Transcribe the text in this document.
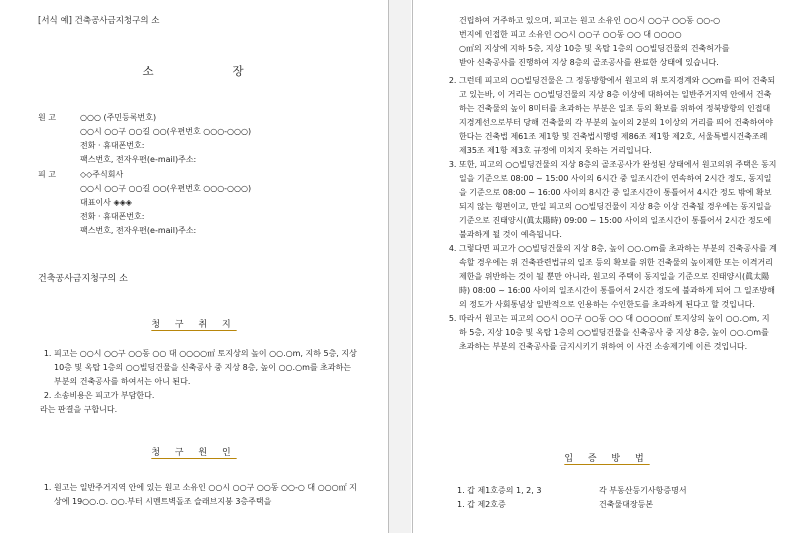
[서식 예] 건축공사금지청구의 소
소	장
원 고	○○○ (주민등록번호)
○○시 ○○구 ○○길 ○○(우편번호 ○○○-○○○)
전화 · 휴대폰번호:
팩스번호, 전자우편(e-mail)주소:
피 고	◇◇주식회사
○○시 ○○구 ○○길 ○○(우편번호 ○○○-○○○)
대표이사 ◈◈◈
전화 · 휴대폰번호:
팩스번호, 전자우편(e-mail)주소:
건축공사금지청구의 소
청 구 취 지
1. 피고는 ○○시 ○○구 ○○동 ○○ 대 ○○○○㎡ 토지상의 높이 ○○.○m, 지하 5층, 지상 10층 및 옥탑 1층의 ○○빌딩건물을 신축공사 중 지상 8층, 높이 ○○.○m를 초과하는 부분의 건축공사를 하여서는 아니 된다.
2. 소송비용은 피고가 부담한다.
라는 판결을 구합니다.
청 구 원 인
1. 원고는 일반주거지역 안에 있는 원고 소유인 ○○시 ○○구 ○○동 ○○-○ 대 ○○○㎡ 지상에 19○○.○. ○○.부터 시멘트벽돌조 슬래브지붕 3층주택을
건립하여 거주하고 있으며, 피고는 원고 소유인 ○○시 ○○구 ○○동 ○○-○
번지에 인접한 피고 소유인 ○○시 ○○구 ○○동 ○○ 대 ○○○○
○㎡의 지상에 지하 5층, 지상 10층 및 옥탑 1층의 ○○빌딩건물의 건축허가를
받아 신축공사를 진행하여 지상 8층의 골조공사를 완료한 상태에 있습니다.
2. 그런데 피고의 ○○빌딩건물은 그 정동방향에서 원고의 위 토지경계와 ○○m를 띄어 건축되고 있는바, 이 거리는 ○○빌딩건물의 지상 8층 이상에 대하여는 일반주거지역 안에서 건축하는 건축물의 높이 8미터를 초과하는 부분은 일조 등의 확보를 위하여 정북방향의 인접대지경계선으로부터 당해 건축물의 각 부분의 높이의 2분의 1이상의 거리를 띄어 건축하여야 한다는 건축법 제61조 제1항 및 건축법시행령 제86조 제1항 제2호, 서울특별시건축조례 제35조 제1항 제3호 규정에 미치지 못하는 거리입니다.
3. 또한, 피고의 ○○빌딩건물의 지상 8층의 골조공사가 완성된 상태에서 원고의위 주택은 동지일을 기준으로 08:00 ~ 15:00 사이의 6시간 중 일조시간이 연속하여 2시간 정도, 동지일을 기준으로 08:00 ~ 16:00 사이의 8시간 중 일조시간이 통틀어서 4시간 정도 밖에 확보되지 않는 형편이고, 만일 피고의 ○○빌딩건물이 지상 8층 이상 건축될 경우에는 동지일을 기준으로 진태양시(眞太陽時) 09:00 ~ 15:00 사이의 일조시간이 통틀어서 2시간 정도에 불과하게 될 것이 예측됩니다.
4. 그렇다면 피고가 ○○빌딩건물의 지상 8층, 높이 ○○.○m를 초과하는 부분의 건축공사를 계속할 경우에는 위 건축관련법규의 일조 등의 확보를 위한 건축물의 높이제한 또는 이격거리제한을 위반하는 것이 될 뿐만 아니라, 원고의 주택이 동지일을 기준으로 진태양시(眞太陽時) 08:00 ~ 16:00 사이의 일조시간이 통틀어서 2시간 정도에 불과하게 되어 그 일조방해의 정도가 사회통념상 일반적으로 인용하는 수인한도를 초과하게 된다고 할 것입니다.
5. 따라서 원고는 피고의 ○○시 ○○구 ○○동 ○○ 대 ○○○○㎡ 토지상의 높이 ○○.○m, 지하 5층, 지상 10층 및 옥탑 1층의 ○○빌딩건물을 신축공사 중 지상 8층, 높이 ○○.○m를 초과하는 부분의 건축공사를 금지시키기 위하여 이 사건 소송제기에 이른 것입니다.
입 증 방 법
1. 갑 제1호증의 1, 2, 3	각 부동산등기사항증명서
1. 갑 제2호증	건축물대장등본
